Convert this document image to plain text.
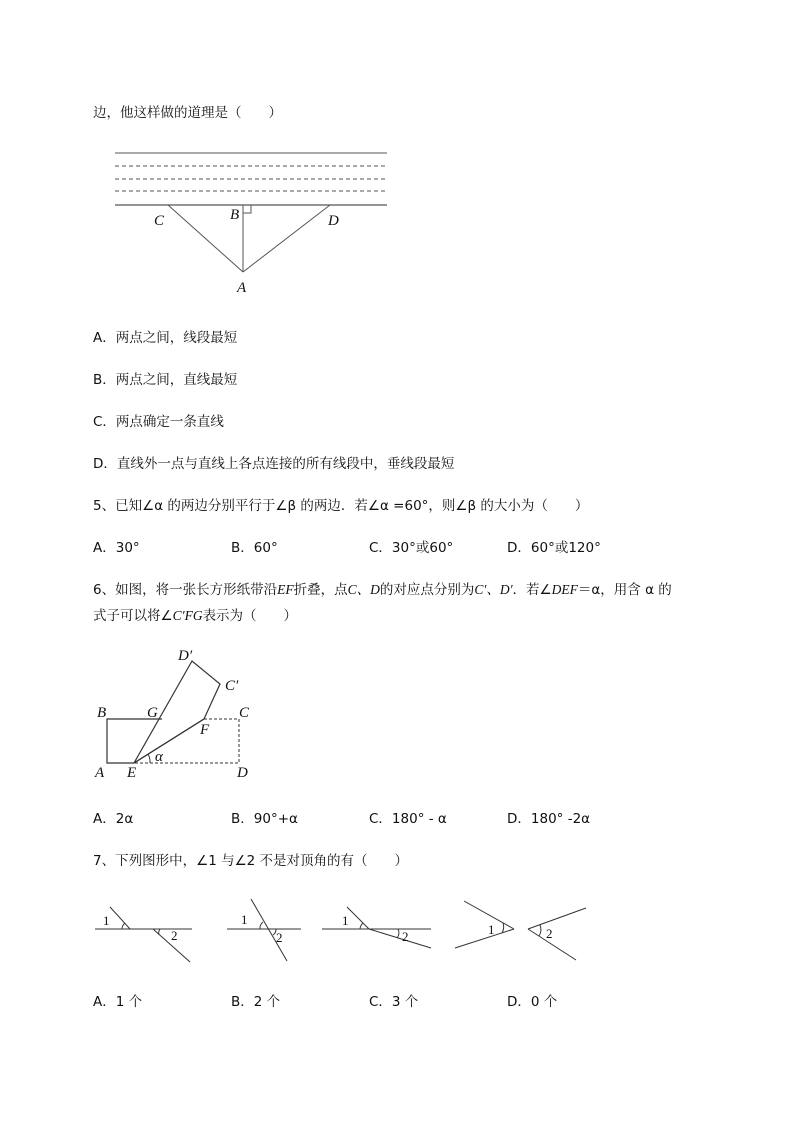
边，他这样做的道理是（　　）
C	B	D
A
A．两点之间，线段最短
B．两点之间，直线最短
C．两点确定一条直线
D．直线外一点与直线上各点连接的所有线段中，垂线段最短
5、已知∠α 的两边分别平行于∠β 的两边．若∠α =60°，则∠β 的大小为（　　）
A．30°	B．60°	C．30°或60°	D．60°或120°
6、如图，将一张长方形纸带沿EF折叠，点C、D的对应点分别为C′、D′．若∠DEF＝α，用含 α 的
式子可以将∠C′FG表示为（　　）
D′
C′
B	G	C
F
α
A E	D
A．2α	B．90°+α	C．180° - α	D．180° -2α
7、下列图形中，∠1 与∠2 不是对顶角的有（　　）
1
2
1
2
1
2	1	2
A．1 个	B．2 个	C．3 个	D．0 个
